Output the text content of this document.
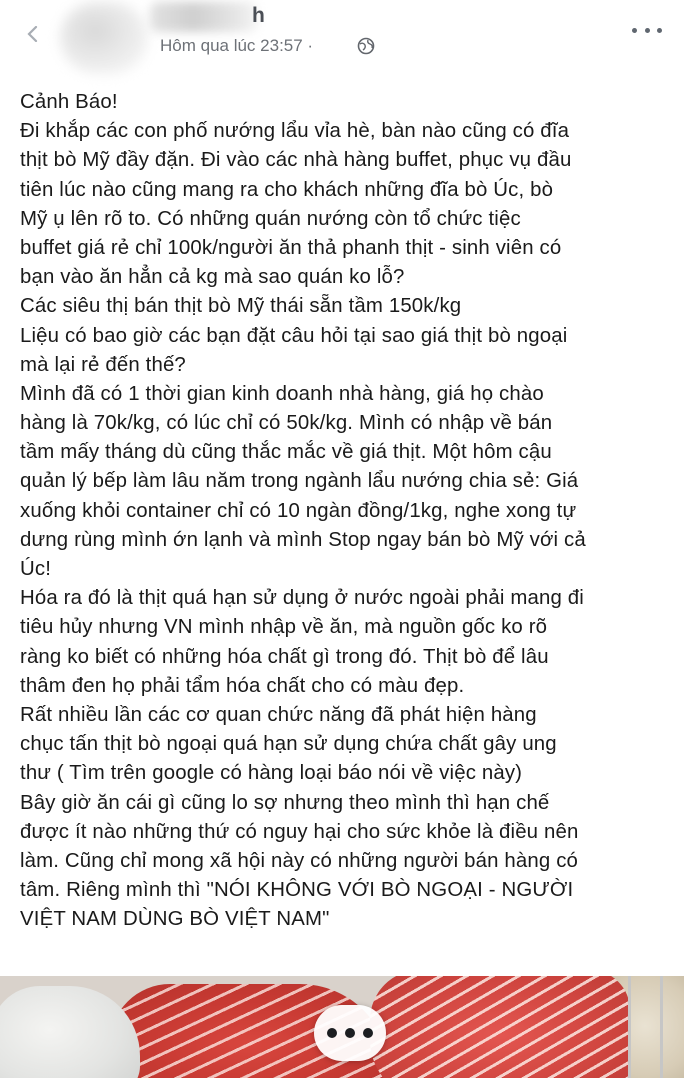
h
Hôm qua lúc 23:57 ·
Cảnh Báo!
Đi khắp các con phố nướng lẩu vỉa hè, bàn nào cũng có đĩa
thịt bò Mỹ đầy đặn. Đi vào các nhà hàng buffet, phục vụ đầu
tiên lúc nào cũng mang ra cho khách những đĩa bò Úc, bò
Mỹ ụ lên rõ to. Có những quán nướng còn tổ chức tiệc
buffet giá rẻ chỉ 100k/người ăn thả phanh thịt - sinh viên có
bạn vào ăn hẳn cả kg mà sao quán ko lỗ?
Các siêu thị bán thịt bò Mỹ thái sẵn tầm 150k/kg
Liệu có bao giờ các bạn đặt câu hỏi tại sao giá thịt bò ngoại
mà lại rẻ đến thế?
Mình đã có 1 thời gian kinh doanh nhà hàng, giá họ chào
hàng là 70k/kg, có lúc chỉ có 50k/kg. Mình có nhập về bán
tầm mấy tháng dù cũng thắc mắc về giá thịt. Một hôm cậu
quản lý bếp làm lâu năm trong ngành lẩu nướng chia sẻ: Giá
xuống khỏi container chỉ có 10 ngàn đồng/1kg, nghe xong tự
dưng rùng mình ớn lạnh và mình Stop ngay bán bò Mỹ với cả
Úc!
Hóa ra đó là thịt quá hạn sử dụng ở nước ngoài phải mang đi
tiêu hủy nhưng VN mình nhập về ăn, mà nguồn gốc ko rõ
ràng ko biết có những hóa chất gì trong đó. Thịt bò để lâu
thâm đen họ phải tẩm hóa chất cho có màu đẹp.
Rất nhiều lần các cơ quan chức năng đã phát hiện hàng
chục tấn thịt bò ngoại quá hạn sử dụng chứa chất gây ung
thư ( Tìm trên google có hàng loại báo nói về việc này)
Bây giờ ăn cái gì cũng lo sợ nhưng theo mình thì hạn chế
được ít nào những thứ có nguy hại cho sức khỏe là điều nên
làm. Cũng chỉ mong xã hội này có những người bán hàng có
tâm. Riêng mình thì "NÓI KHÔNG VỚI BÒ NGOẠI - NGƯỜI
VIỆT NAM DÙNG BÒ VIỆT NAM"
